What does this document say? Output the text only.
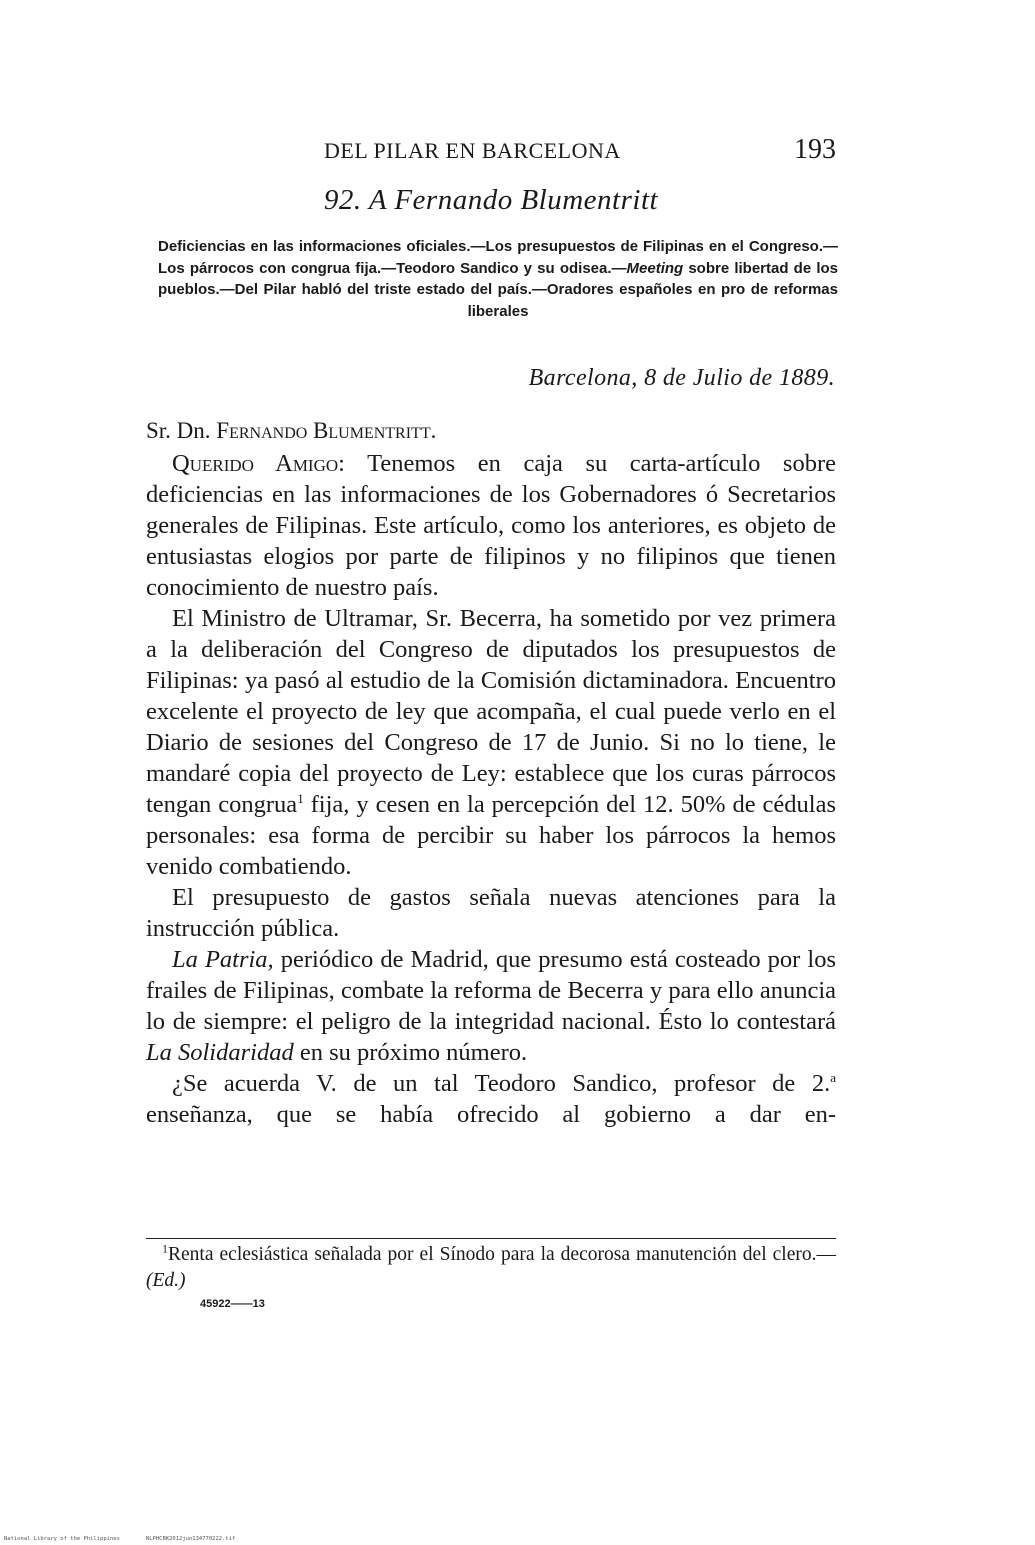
DEL PILAR EN BARCELONA	193
92. A Fernando Blumentritt
Deficiencias en las informaciones oficiales.—Los presupuestos de Filipinas en el Congreso.—Los párrocos con congrua fija.—Teodoro Sandico y su odisea.—Meeting sobre libertad de los pueblos.—Del Pilar habló del triste estado del país.—Oradores españoles en pro de reformas liberales
Barcelona, 8 de Julio de 1889.
Sr. Dn. Fernando Blumentritt.

Querido Amigo: Tenemos en caja su carta-artículo sobre deficiencias en las informaciones de los Gobernadores ó Secretarios generales de Filipinas. Este artículo, como los anteriores, es objeto de entusiastas elogios por parte de filipinos y no filipinos que tienen conocimiento de nuestro país.

El Ministro de Ultramar, Sr. Becerra, ha sometido por vez primera a la deliberación del Congreso de diputados los presupuestos de Filipinas: ya pasó al estudio de la Comisión dictaminadora. Encuentro excelente el proyecto de ley que acompaña, el cual puede verlo en el Diario de sesiones del Congreso de 17 de Junio. Si no lo tiene, le mandaré copia del proyecto de Ley: establece que los curas párrocos tengan congrua$^1$ fija, y cesen en la percepción del 12. 50% de cédulas personales: esa forma de percibir su haber los párrocos la hemos venido combatiendo.

El presupuesto de gastos señala nuevas atenciones para la instrucción pública.

La Patria, periódico de Madrid, que presumo está costeado por los frailes de Filipinas, combate la reforma de Becerra y para ello anuncia lo de siempre: el peligro de la integridad nacional. Ésto lo contestará La Solidaridad en su próximo número.

¿Se acuerda V. de un tal Teodoro Sandico, profesor de 2.$^a$ enseñanza, que se había ofrecido al gobierno a dar en-

$^1$Renta eclesiástica señalada por el Sínodo para la decorosa manutención del clero.— (Ed.)
45922——13
National Library of the Philippines	NLPHCBK2012jun134770222.tif
